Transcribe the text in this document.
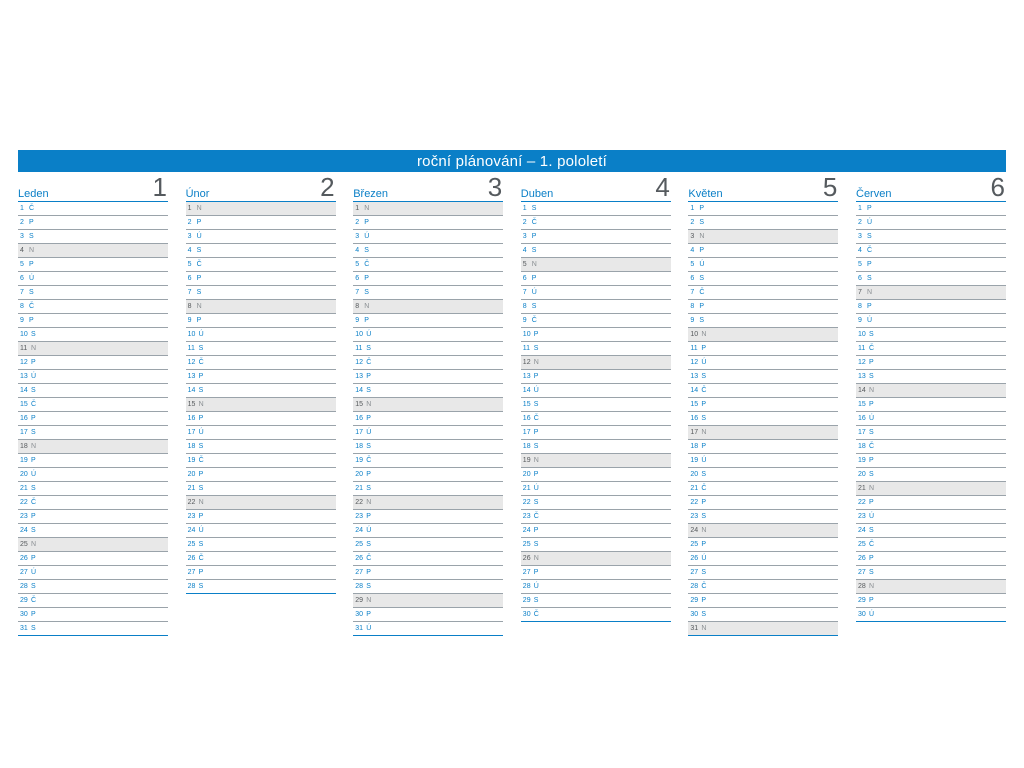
roční plánování – 1. pololetí
Leden	1
1 Č
2 P
3 S
4 N
5 P
6 Ú
7 S
8 Č
9 P
10 S
11 N
12 P
13 Ú
14 S
15 Č
16 P
17 S
18 N
19 P
20 Ú
21 S
22 Č
23 P
24 S
25 N
26 P
27 Ú
28 S
29 Č
30 P
31 S
Únor	2
1 N
2 P
3 Ú
4 S
5 Č
6 P
7 S
8 N
9 P
10 Ú
11 S
12 Č
13 P
14 S
15 N
16 P
17 Ú
18 S
19 Č
20 P
21 S
22 N
23 P
24 Ú
25 S
26 Č
27 P
28 S
Březen	3
1 N
2 P
3 Ú
4 S
5 Č
6 P
7 S
8 N
9 P
10 Ú
11 S
12 Č
13 P
14 S
15 N
16 P
17 Ú
18 S
19 Č
20 P
21 S
22 N
23 P
24 Ú
25 S
26 Č
27 P
28 S
29 N
30 P
31 Ú
Duben	4
1 S
2 Č
3 P
4 S
5 N
6 P
7 Ú
8 S
9 Č
10 P
11 S
12 N
13 P
14 Ú
15 S
16 Č
17 P
18 S
19 N
20 P
21 Ú
22 S
23 Č
24 P
25 S
26 N
27 P
28 Ú
29 S
30 Č
Květen	5
1 P
2 S
3 N
4 P
5 Ú
6 S
7 Č
8 P
9 S
10 N
11 P
12 Ú
13 S
14 Č
15 P
16 S
17 N
18 P
19 Ú
20 S
21 Č
22 P
23 S
24 N
25 P
26 Ú
27 S
28 Č
29 P
30 S
31 N
Červen	6
1 P
2 Ú
3 S
4 Č
5 P
6 S
7 N
8 P
9 Ú
10 S
11 Č
12 P
13 S
14 N
15 P
16 Ú
17 S
18 Č
19 P
20 S
21 N
22 P
23 Ú
24 S
25 Č
26 P
27 S
28 N
29 P
30 Ú
